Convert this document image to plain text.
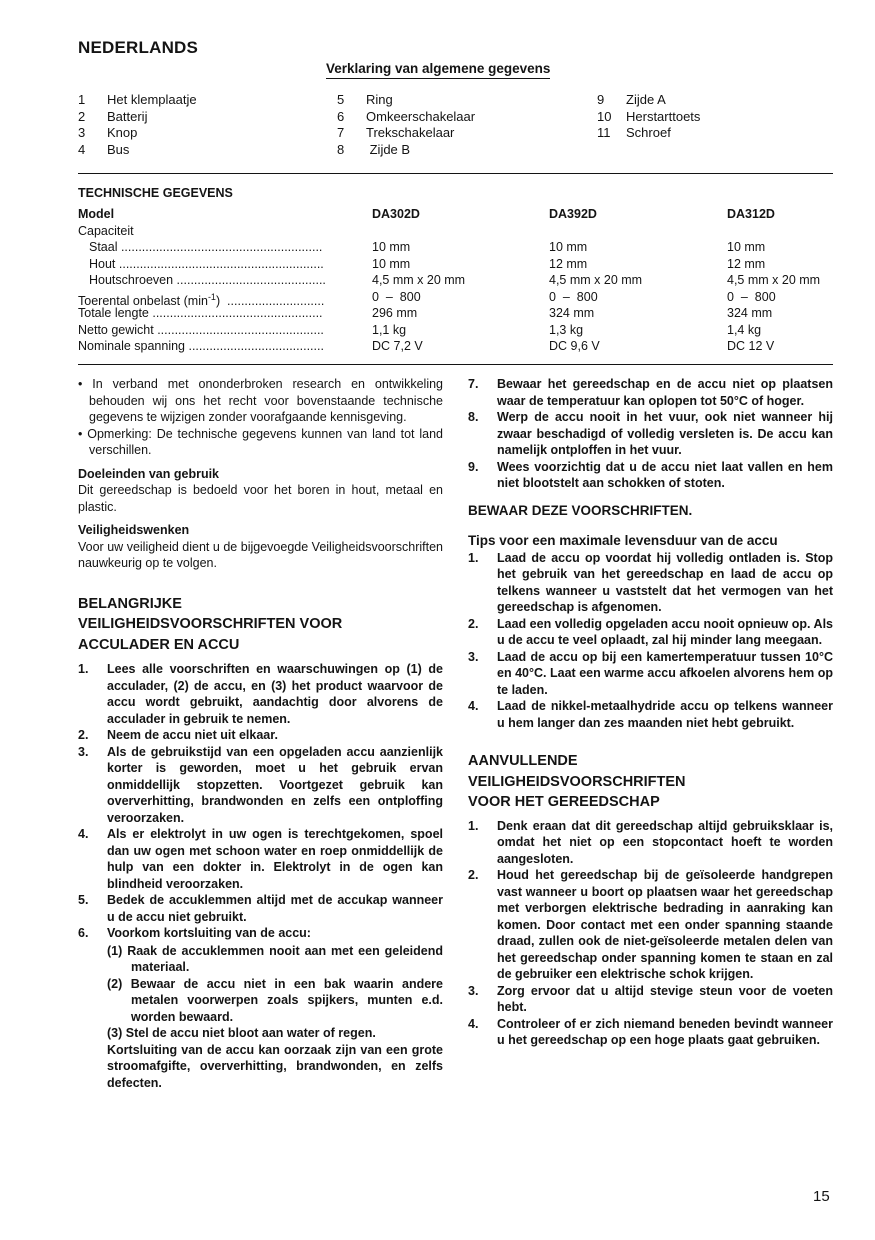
NEDERLANDS
Verklaring van algemene gegevens
1 Het klemplaatje
2 Batterij
3 Knop
4 Bus
5 Ring
6 Omkeerschakelaar
7 Trekschakelaar
8 Zijde B
9 Zijde A
10 Herstarttoets
11 Schroef
TECHNISCHE GEGEVENS
Model	DA302D	DA392D	DA312D
Capaciteit
Staal ..........................................................	10 mm	10 mm	10 mm
Hout ...........................................................	10 mm	12 mm	12 mm
Houtschroeven ...........................................	4,5 mm x 20 mm	4,5 mm x 20 mm	4,5 mm x 20 mm
Toerental onbelast $(\min^{-1})$  ............................	0  –  800	0  –  800	0  –  800
Totale lengte .................................................	296 mm	324 mm	324 mm
Netto gewicht ................................................	1,1 kg	1,3 kg	1,4 kg
Nominale spanning .......................................	DC 7,2 V	DC 9,6 V	DC 12 V

• In verband met ononderbroken research en ontwikkeling behouden wij ons het recht voor bovenstaande technische gegevens te wijzigen zonder voorafgaande kennisgeving.

• Opmerking: De technische gegevens kunnen van land tot land verschillen.

Doeleinden van gebruik

Dit gereedschap is bedoeld voor het boren in hout, metaal en plastic.

Veiligheidswenken

Voor uw veiligheid dient u de bijgevoegde Veiligheidsvoorschriften nauwkeurig op te volgen.

BELANGRIJKE
VEILIGHEIDSVOORSCHRIFTEN VOOR
ACCULADER EN ACCU
1. Lees alle voorschriften en waarschuwingen op (1) de acculader, (2) de accu, en (3) het product waarvoor de accu wordt gebruikt, aandachtig door alvorens de acculader in gebruik te nemen.
2. Neem de accu niet uit elkaar.
3. Als de gebruikstijd van een opgeladen accu aanzienlijk korter is geworden, moet u het gebruik ervan onmiddellijk stopzetten. Voortgezet gebruik kan oververhitting, brandwonden en zelfs een ontploffing veroorzaken.
4. Als er elektrolyt in uw ogen is terechtgekomen, spoel dan uw ogen met schoon water en roep onmiddellijk de hulp van een dokter in. Elektrolyt in de ogen kan blindheid veroorzaken.
5. Bedek de accuklemmen altijd met de accukap wanneer u de accu niet gebruikt.
6. Voorkom kortsluiting van de accu:

(1) Raak de accuklemmen nooit aan met een geleidend materiaal.

(2) Bewaar de accu niet in een bak waarin andere metalen voorwerpen zoals spijkers, munten e.d. worden bewaard.

(3) Stel de accu niet bloot aan water of regen.

Kortsluiting van de accu kan oorzaak zijn van een grote stroomafgifte, oververhitting, brandwonden, en zelfs defecten.

7. Bewaar het gereedschap en de accu niet op plaatsen waar de temperatuur kan oplopen tot 50°C of hoger.
8. Werp de accu nooit in het vuur, ook niet wanneer hij zwaar beschadigd of volledig versleten is. De accu kan namelijk ontploffen in het vuur.
9. Wees voorzichtig dat u de accu niet laat vallen en hem niet blootstelt aan schokken of stoten.
BEWAAR DEZE VOORSCHRIFTEN.
Tips voor een maximale levensduur van de accu
1. Laad de accu op voordat hij volledig ontladen is. Stop het gebruik van het gereedschap en laad de accu op telkens wanneer u vaststelt dat het vermogen van het gereedschap is afgenomen.
2. Laad een volledig opgeladen accu nooit opnieuw op. Als u de accu te veel oplaadt, zal hij minder lang meegaan.
3. Laad de accu op bij een kamertemperatuur tussen 10°C en 40°C. Laat een warme accu afkoelen alvorens hem op te laden.
4. Laad de nikkel-metaalhydride accu op telkens wanneer u hem langer dan zes maanden niet hebt gebruikt.
AANVULLENDE
VEILIGHEIDSVOORSCHRIFTEN
VOOR HET GEREEDSCHAP
1. Denk eraan dat dit gereedschap altijd gebruiksklaar is, omdat het niet op een stopcontact hoeft te worden aangesloten.
2. Houd het gereedschap bij de geïsoleerde handgrepen vast wanneer u boort op plaatsen waar het gereedschap met verborgen elektrische bedrading in aanraking kan komen. Door contact met een onder spanning staande draad, zullen ook de niet-geïsoleerde metalen delen van het gereedschap onder spanning komen te staan en zal de gebruiker een elektrische schok krijgen.
3. Zorg ervoor dat u altijd stevige steun voor de voeten hebt.
4. Controleer of er zich niemand beneden bevindt wanneer u het gereedschap op een hoge plaats gaat gebruiken.
15
